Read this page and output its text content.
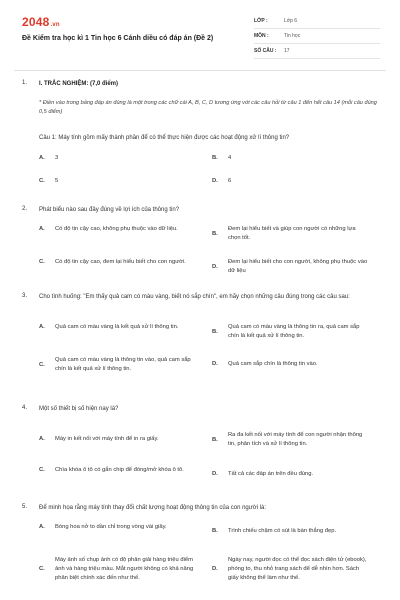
2048.vn
Đề Kiểm tra học kì 1 Tin học 6 Cánh diều có đáp án (Đề 2)
LỚP :	Lớp 6
MÔN :	Tin học
SỐ CÂU :	17
1. I. TRẮC NGHIỆM: (7,0 điểm)
* Điền vào trong bảng đáp án đúng là một trong các chữ cái A, B, C, D tương ứng với các câu hỏi từ câu 1 đến hết câu 14 (mỗi câu đúng 0,5 điểm)
Câu 1: Máy tính gồm mấy thành phần để có thể thực hiện được các hoạt động xử lí thông tin?
A.	3	B.	4
C.	5	D.	6
2. Phát biểu nào sau đây đúng về lợi ích của thông tin?
A.	Có độ tin cậy cao, không phụ thuộc vào dữ liệu.
B.
Đem lại hiểu biết và giúp con người có những lựa chọn tốt.
C.	Có độ tin cậy cao, đem lại hiểu biết cho con người.
D.
Đem lại hiểu biết cho con người, không phụ thuộc vào dữ liệu
3. Cho tình huống: "Em thấy quả cam có màu vàng, biết nó sắp chín", em hãy chọn những câu đúng trong các câu sau:
A.	Quả cam có màu vàng là kết quả xử lí thông tin.
B.
Quả cam có màu vàng là thông tin ra, quả cam sắp chín là kết quả xử lí thông tin.
C.
Quả cam có màu vàng là thông tin vào, quả cam sắp chín là kết quả xử lí thông tin.
D.	Quả cam sắp chín là thông tin vào.
4. Một số thiết bị số hiện nay là?
A.	Máy in kết nối với máy tính để in ra giấy.	B.
Ra đa kết nối với máy tính để con người nhận thông tin, phân tích và xử lí thông tin.
C.	Chìa khóa ô tô có gắn chip để đóng/mở khóa ô tô.
D.	Tất cả các đáp án trên đều đúng.
5. Để minh họa rằng máy tính thay đổi chất lượng hoạt động thông tin của con người là:
A.	Bóng hoa nở to dần chỉ trong vòng vài giây.
B.	Trình chiếu chậm có sút là bàn thắng đẹp.
C.
Máy ảnh số chụp ảnh có độ phân giải hàng triệu điểm ảnh và hàng triệu màu. Mắt người không có khả năng phân biệt chính xác đến như thế.
D.
Ngày nay, người đọc có thể đọc sách điện tử (ebook), phóng to, thu nhỏ trang sách để dễ nhìn hơn. Sách giấy không thể làm như thế.
